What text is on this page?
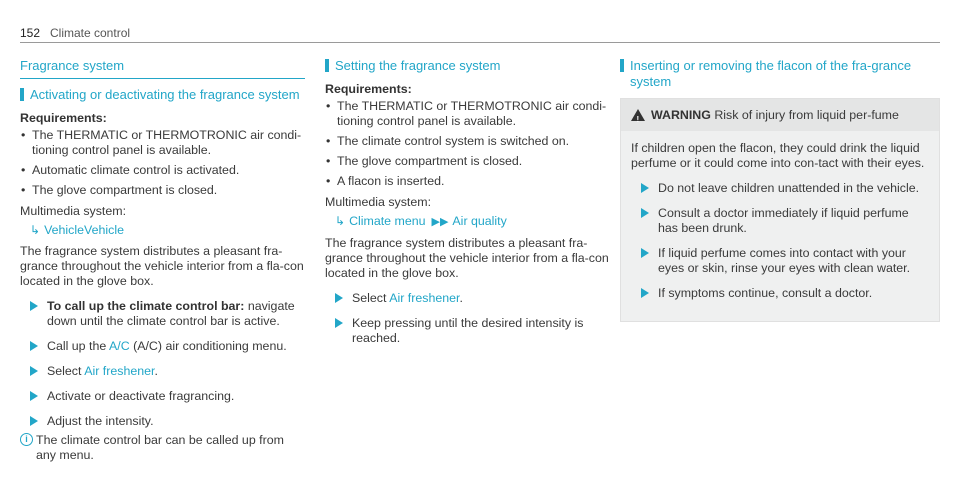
152 Climate control
Fragrance system
Activating or deactivating the fragrance system

Requirements:

• The THERMATIC or THERMOTRONIC air condi-tioning control panel is available.
• Automatic climate control is activated.
• The glove compartment is closed.
Multimedia system:
↳ VehicleVehicle
The fragrance system distributes a pleasant fra-grance throughout the vehicle interior from a fla-con located in the glove box.
To call up the climate control bar: navigate down until the climate control bar is active.
Call up the A/C (A/C) air conditioning menu.
Select Air freshener.
Activate or deactivate fragrancing.
Adjust the intensity.
i The climate control bar can be called up from any menu.
Setting the fragrance system

Requirements:

• The THERMATIC or THERMOTRONIC air condi-tioning control panel is available.
• The climate control system is switched on.
• The glove compartment is closed.
• A flacon is inserted.
Multimedia system:
↳ Climate menu ▶▶ Air quality
The fragrance system distributes a pleasant fra-grance throughout the vehicle interior from a fla-con located in the glove box.
Select Air freshener.
Keep pressing until the desired intensity is reached.
Inserting or removing the flacon of the fra-grance system
! WARNING Risk of injury from liquid per-fume
If children open the flacon, they could drink the liquid perfume or it could come into con-tact with their eyes.
Do not leave children unattended in the vehicle.
Consult a doctor immediately if liquid perfume has been drunk.
If liquid perfume comes into contact with your eyes or skin, rinse your eyes with clean water.
If symptoms continue, consult a doctor.
